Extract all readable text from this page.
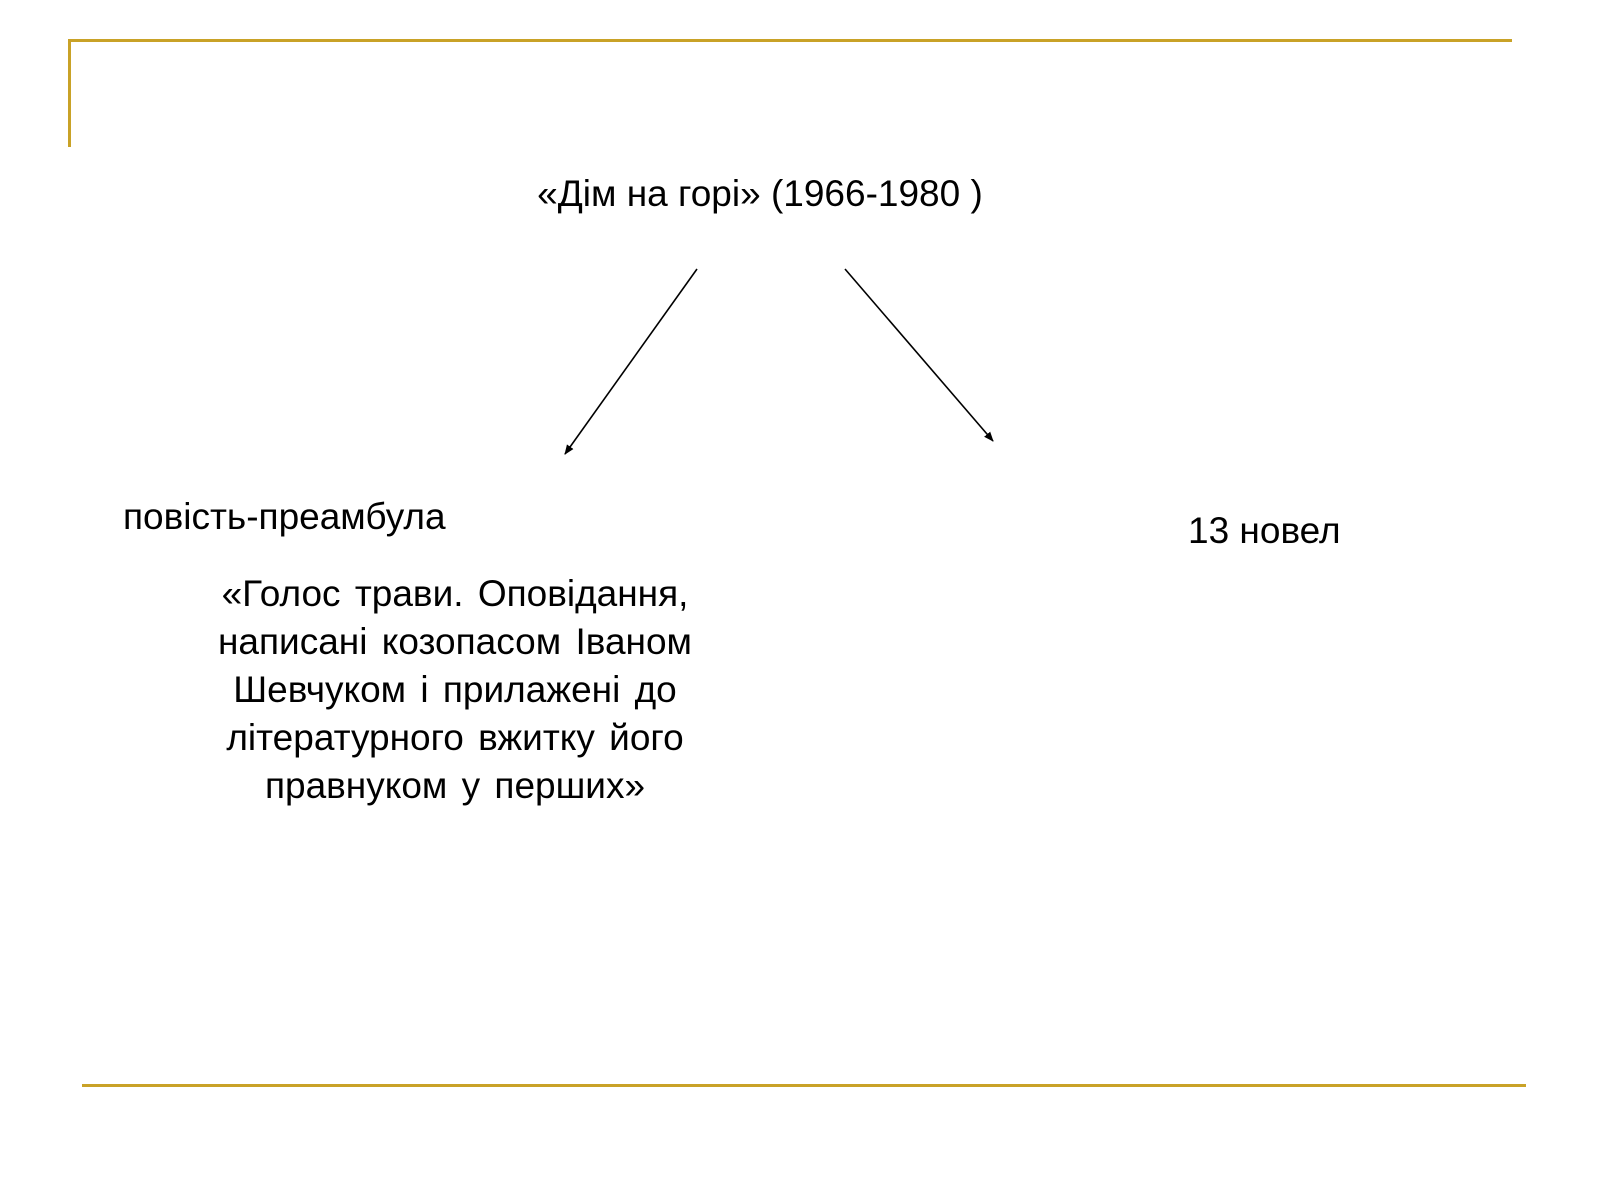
«Дім на горі» (1966-1980 )
повість-преамбула
«Голос трави. Оповідання,
написані козопасом Іваном
Шевчуком і прилажені до
літературного вжитку його
правнуком у перших»
13 новел
